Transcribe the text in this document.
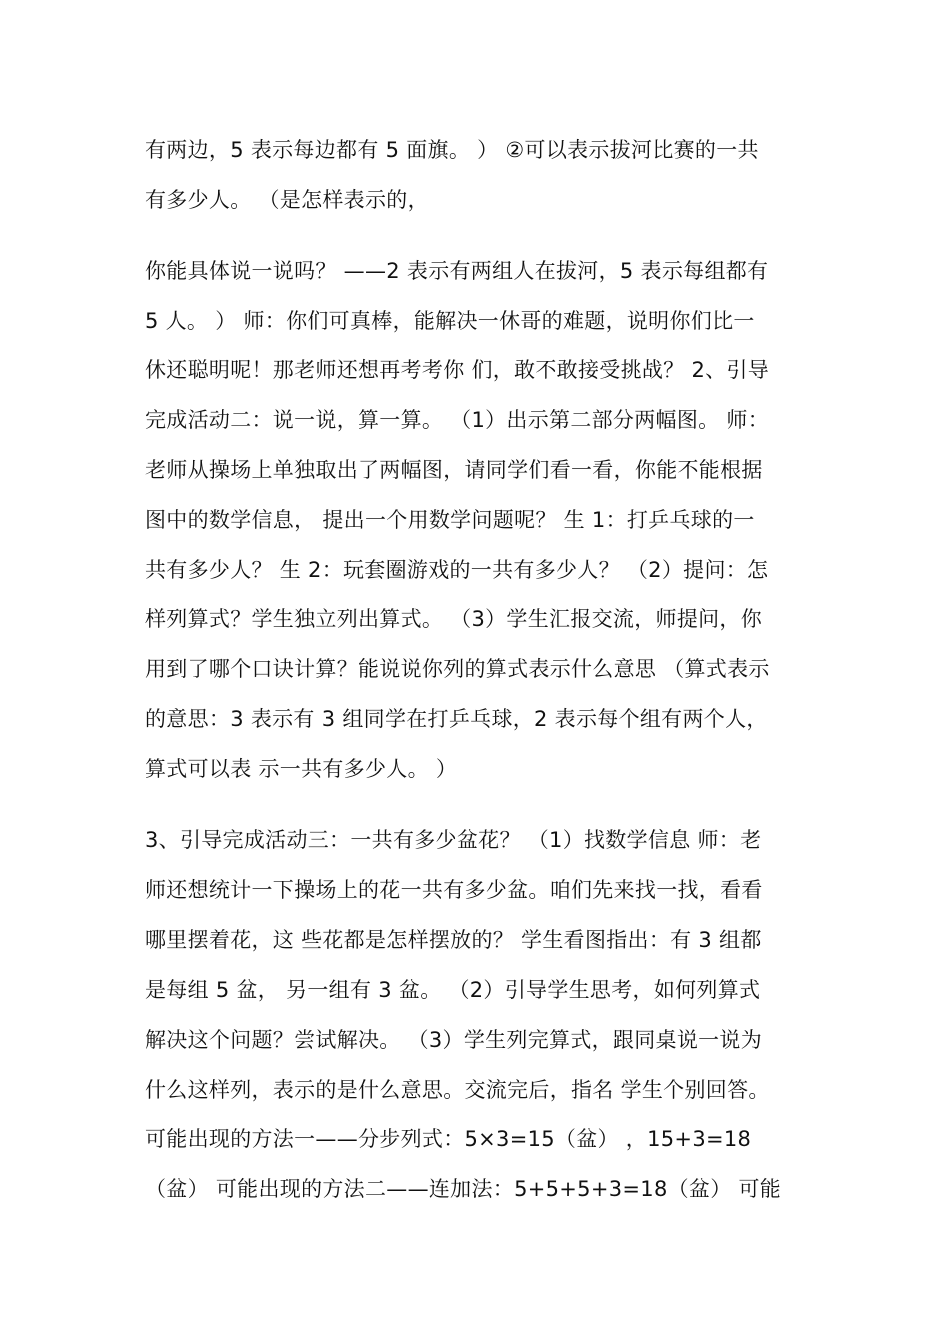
有两边，5 表示每边都有 5 面旗。 ） ②可以表示拔河比赛的一共
有多少人。 （是怎样表示的，
你能具体说一说吗？ ——2 表示有两组人在拔河，5 表示每组都有
5 人。 ） 师：你们可真棒，能解决一休哥的难题，说明你们比一
休还聪明呢！那老师还想再考考你 们，敢不敢接受挑战？ 2、引导
完成活动二：说一说，算一算。 （1）出示第二部分两幅图。 师：
老师从操场上单独取出了两幅图，请同学们看一看，你能不能根据
图中的数学信息， 提出一个用数学问题呢？ 生 1：打乒乓球的一
共有多少人？ 生 2：玩套圈游戏的一共有多少人？ （2）提问：怎
样列算式？学生独立列出算式。 （3）学生汇报交流，师提问，你
用到了哪个口诀计算？能说说你列的算式表示什么意思 （算式表示
的意思：3 表示有 3 组同学在打乒乓球，2 表示每个组有两个人，
算式可以表 示一共有多少人。 ）
3、引导完成活动三：一共有多少盆花？ （1）找数学信息 师：老
师还想统计一下操场上的花一共有多少盆。咱们先来找一找，看看
哪里摆着花，这 些花都是怎样摆放的？ 学生看图指出：有 3 组都
是每组 5 盆， 另一组有 3 盆。 （2）引导学生思考，如何列算式
解决这个问题？尝试解决。 （3）学生列完算式，跟同桌说一说为
什么这样列，表示的是什么意思。交流完后，指名 学生个别回答。
可能出现的方法一——分步列式：5×3=15（盆） ，15+3=18
（盆） 可能出现的方法二——连加法：5+5+5+3=18（盆） 可能
